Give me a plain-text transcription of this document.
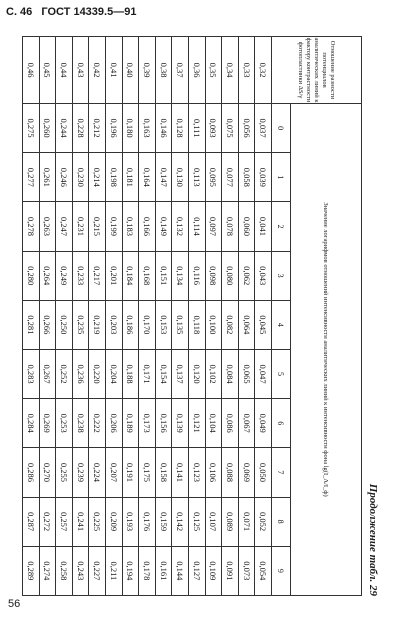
С. 46 ГОСТ 14339.5—91
Продолжение табл. 29
Отношение разности потенциалов аналитических линий к фактору контрастности фотопластинки ΔS/γ	Значение логарифмов отношений интенсивности аналитических линий к интенсивности фона lg(I_Λ/I_ф)									
	0	1	2	3	4	5	6	7	8	9
0,32	0,037	0,039	0,041	0,043	0,045	0,047	0,049	0,050	0,052	0,054
0,33	0,056	0,058	0,060	0,062	0,064	0,065	0,067	0,069	0,071	0,073
0,34	0,075	0,077	0,078	0,080	0,082	0,084	0,086	0,088	0,089	0,091
0,35	0,093	0,095	0,097	0,098	0,100	0,102	0,104	0,106	0,107	0,109
0,36	0,111	0,113	0,114	0,116	0,118	0,120	0,121	0,123	0,125	0,127
0,37	0,128	0,130	0,132	0,134	0,135	0,137	0,139	0,141	0,142	0,144
0,38	0,146	0,147	0,149	0,151	0,153	0,154	0,156	0,158	0,159	0,161
0,39	0,163	0,164	0,166	0,168	0,170	0,171	0,173	0,175	0,176	0,178
0,40	0,180	0,181	0,183	0,184	0,186	0,188	0,189	0,191	0,193	0,194
0,41	0,196	0,198	0,199	0,201	0,203	0,204	0,206	0,207	0,209	0,211
0,42	0,212	0,214	0,215	0,217	0,219	0,220	0,222	0,224	0,225	0,227
0,43	0,228	0,230	0,231	0,233	0,235	0,236	0,238	0,239	0,241	0,243
0,44	0,244	0,246	0,247	0,249	0,250	0,252	0,253	0,255	0,257	0,258
0,45	0,260	0,261	0,263	0,264	0,266	0,267	0,269	0,270	0,272	0,274
0,46	0,275	0,277	0,278	0,280	0,281	0,283	0,284	0,286	0,287	0,289
56
